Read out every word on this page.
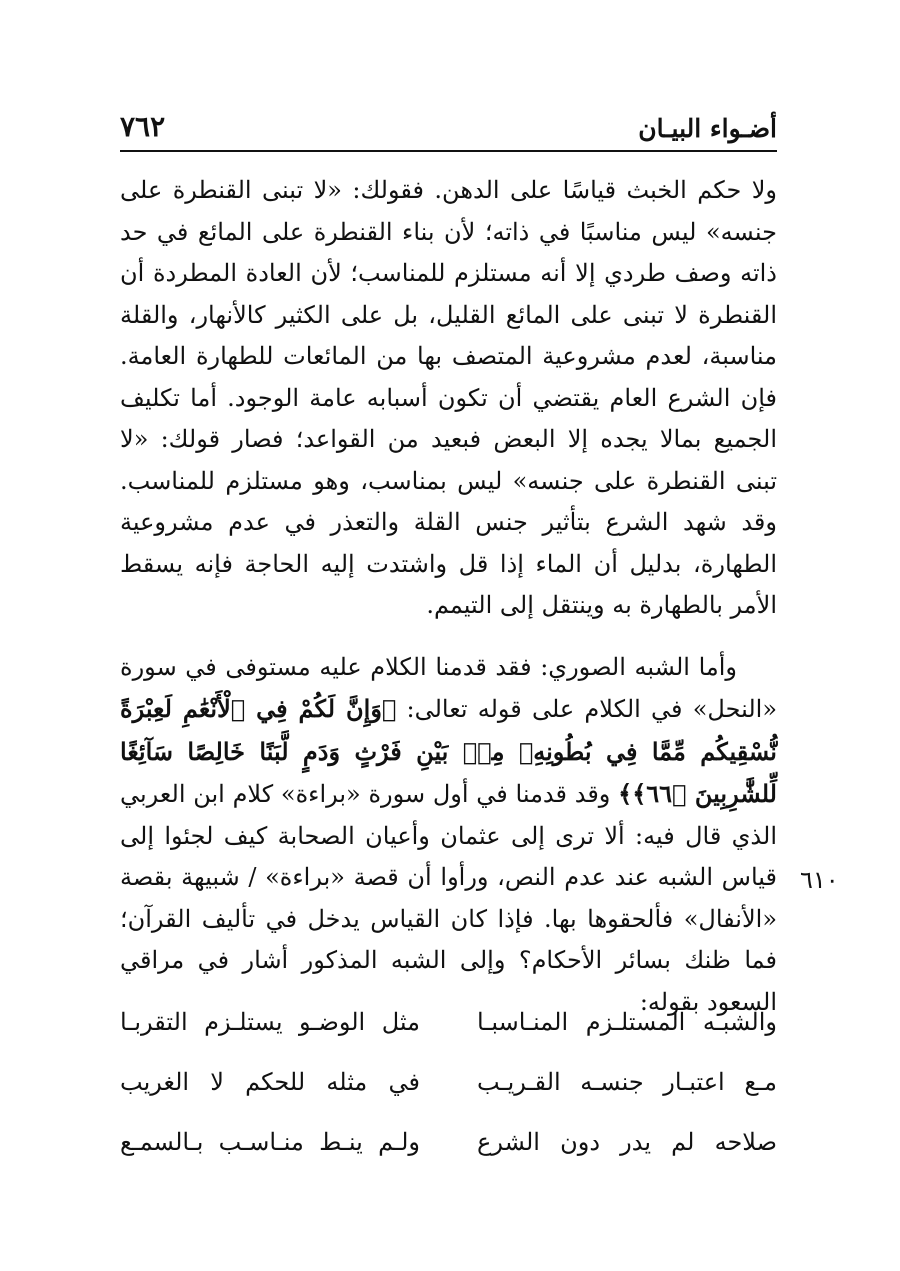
أضـواء البيـان
٧٦٢

ولا حكم الخبث قياسًا على الدهن. فقولك: «لا تبنى القنطرة على جنسه» ليس مناسبًا في ذاته؛ لأن بناء القنطرة على المائع في حد ذاته وصف طردي إلا أنه مستلزم للمناسب؛ لأن العادة المطردة أن القنطرة لا تبنى على المائع القليل، بل على الكثير كالأنهار، والقلة مناسبة، لعدم مشروعية المتصف بها من المائعات للطهارة العامة. فإن الشرع العام يقتضي أن تكون أسبابه عامة الوجود. أما تكليف الجميع بمالا يجده إلا البعض فبعيد من القواعد؛ فصار قولك: «لا تبنى القنطرة على جنسه» ليس بمناسب، وهو مستلزم للمناسب. وقد شهد الشرع بتأثير جنس القلة والتعذر في عدم مشروعية الطهارة، بدليل أن الماء إذا قل واشتدت إليه الحاجة فإنه يسقط الأمر بالطهارة به وينتقل إلى التيمم.

وأما الشبه الصوري: فقد قدمنا الكلام عليه مستوفى في سورة «النحل» في الكلام على قوله تعالى: ﴿وَإِنَّ لَكُمْ فِي ٱلْأَنْعَٰمِ لَعِبْرَةً نُّسْقِيكُم مِّمَّا فِي بُطُونِهِۦ مِنۢ بَيْنِ فَرْثٍ وَدَمٍ لَّبَنًا خَالِصًا سَآئِغًا لِّلشَّٰرِبِينَ ﴿٦٦﴾﴾ وقد قدمنا في أول سورة «براءة» كلام ابن العربي الذي قال فيه: ألا ترى إلى عثمان وأعيان الصحابة كيف لجئوا إلى قياس الشبه عند عدم النص، ورأوا أن قصة «براءة» / شبيهة بقصة «الأنفال» فألحقوها بها. فإذا كان القياس يدخل في تأليف القرآن؛ فما ظنك بسائر الأحكام؟ وإلى الشبه المذكور أشار في مراقي السعود بقوله:

٦١٠
والشبـه المستلـزم المنـاسبـا
مثل الوضـو يستلـزم التقربـا
مـع اعتبـار جنسـه القـريـب
في مثله للحكم لا الغريب
صلاحه لم يدر دون الشرع
ولـم ينـط منـاسـب بـالسمـع
